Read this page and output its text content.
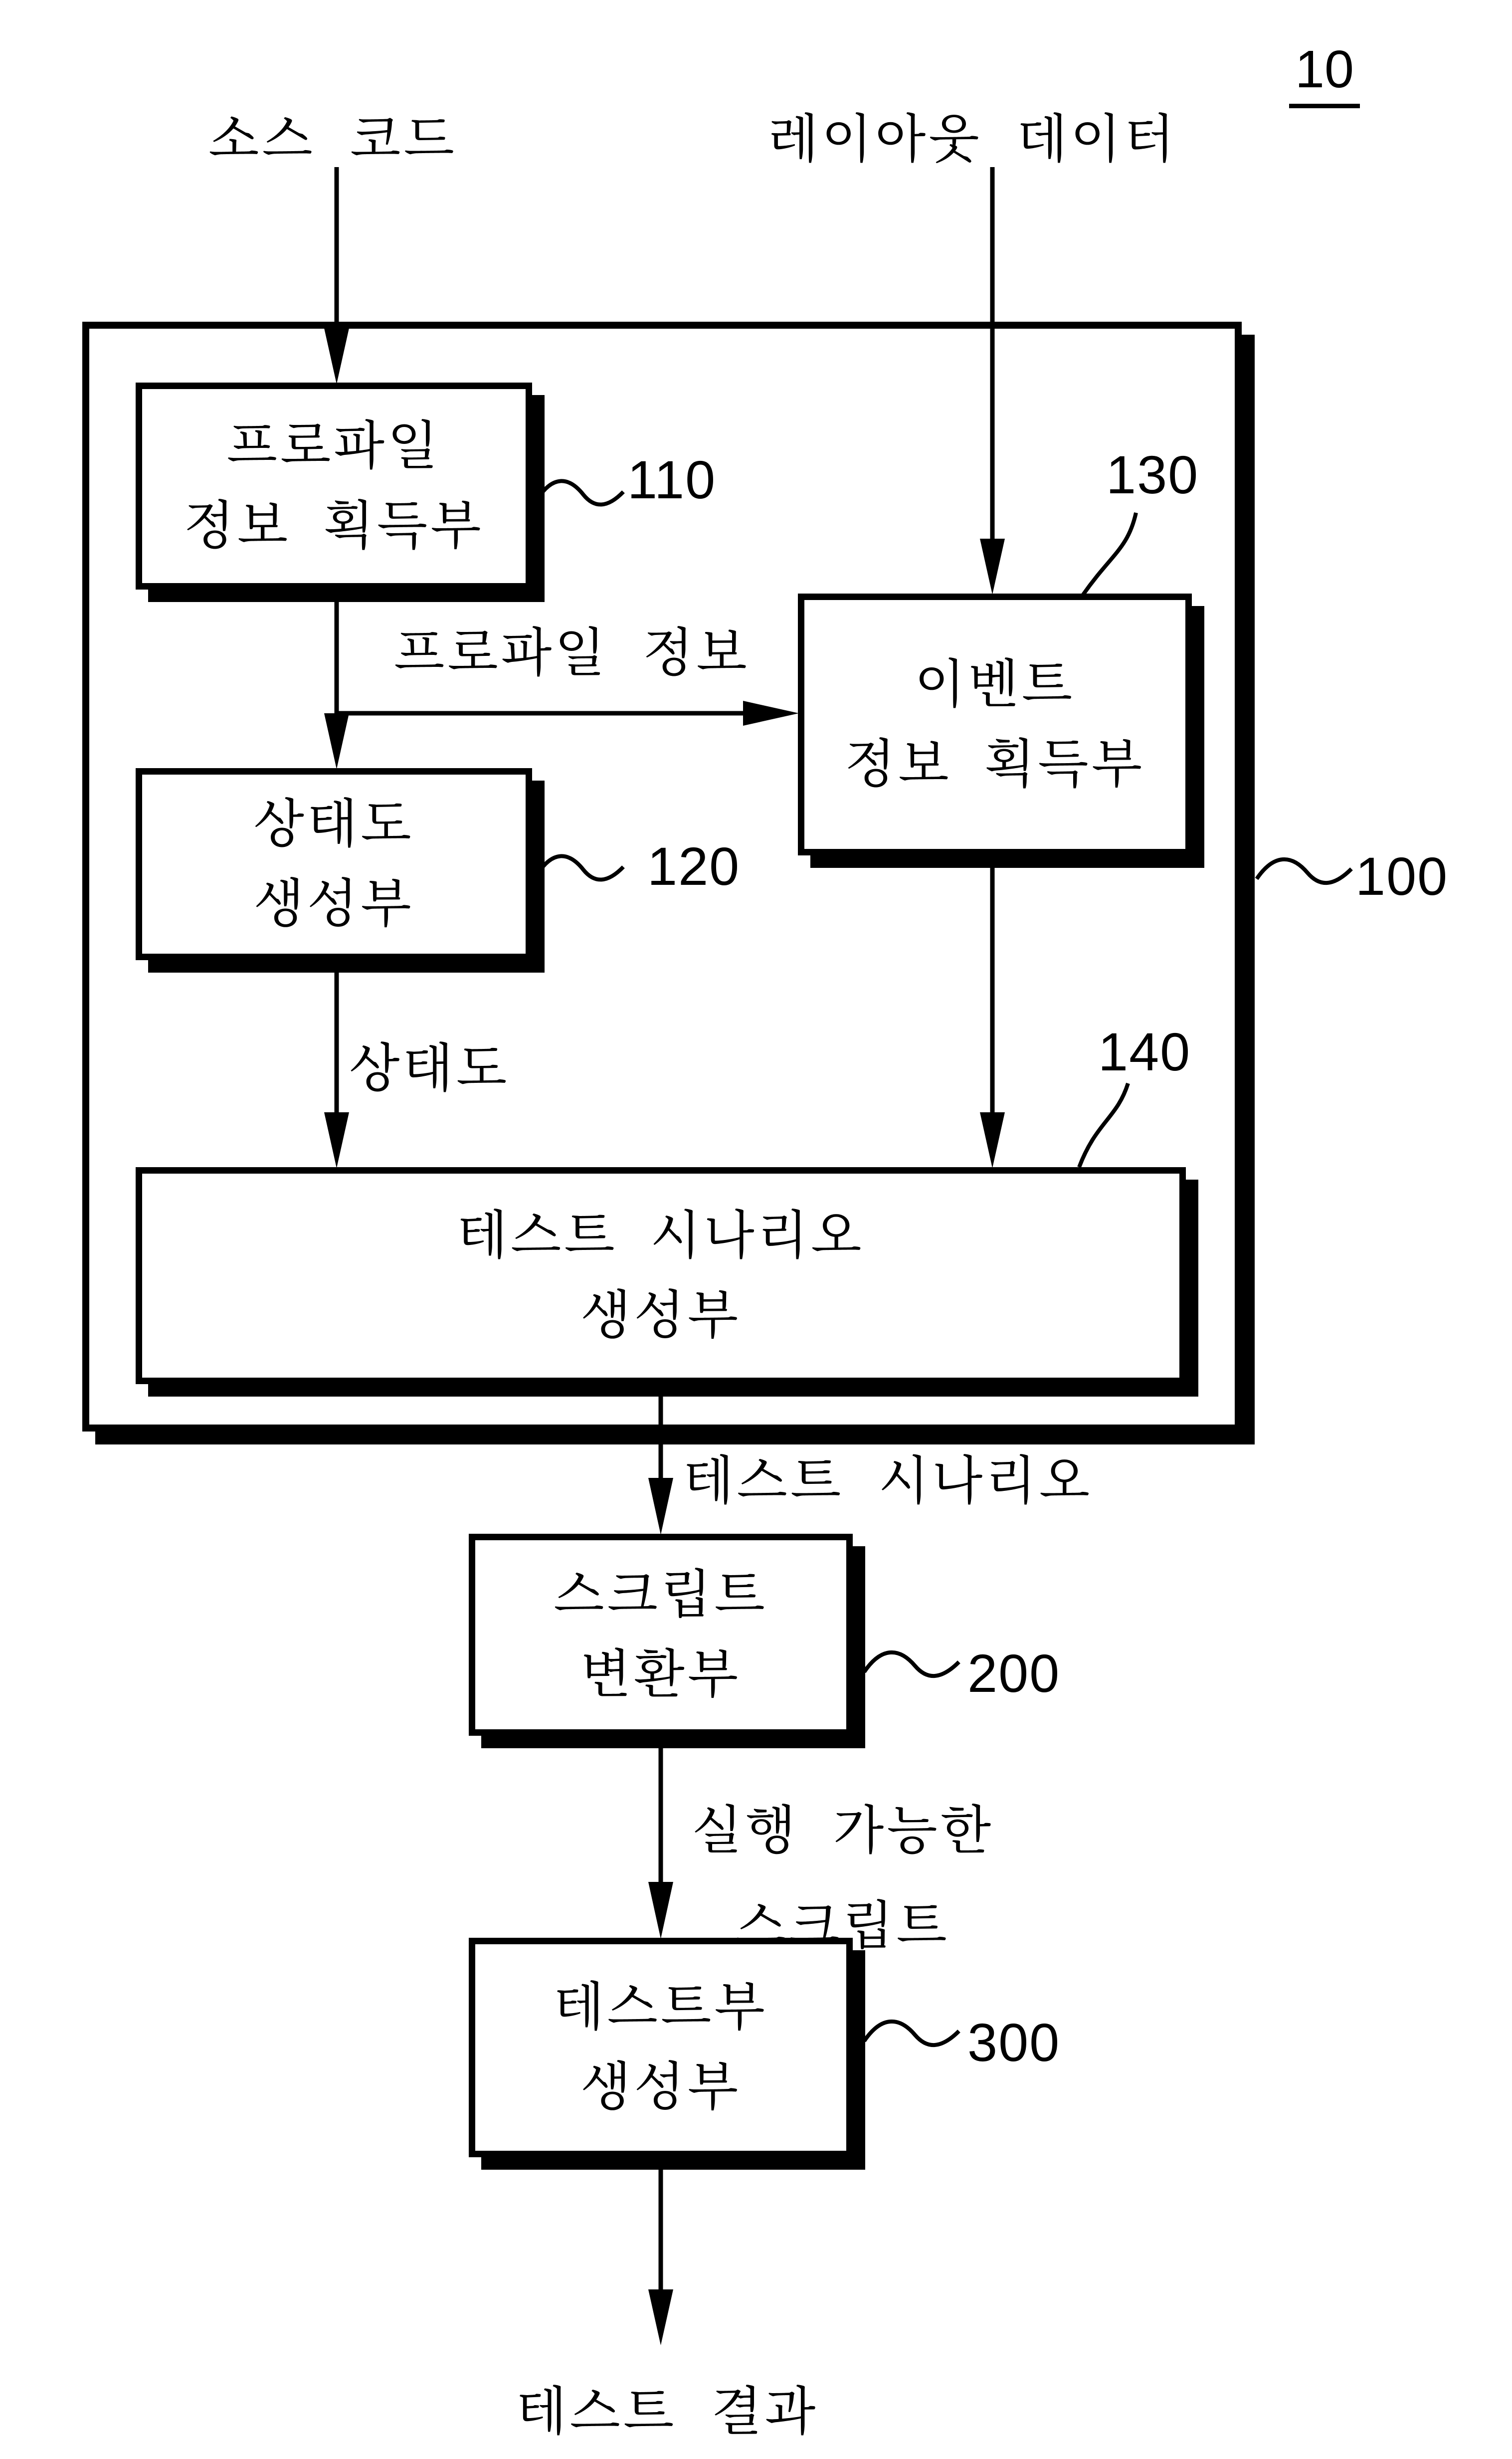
10
소스 코드	레이아웃 데이터
프로파일
정보 획득부
이벤트
정보 획득부
상태도
생성부
테스트 시나리오
생성부
스크립트
변환부
테스트부
생성부
110	130
120
140
100
200
300
프로파일 정보
상태도
테스트 시나리오
실행 가능한
스크립트
테스트 결과
